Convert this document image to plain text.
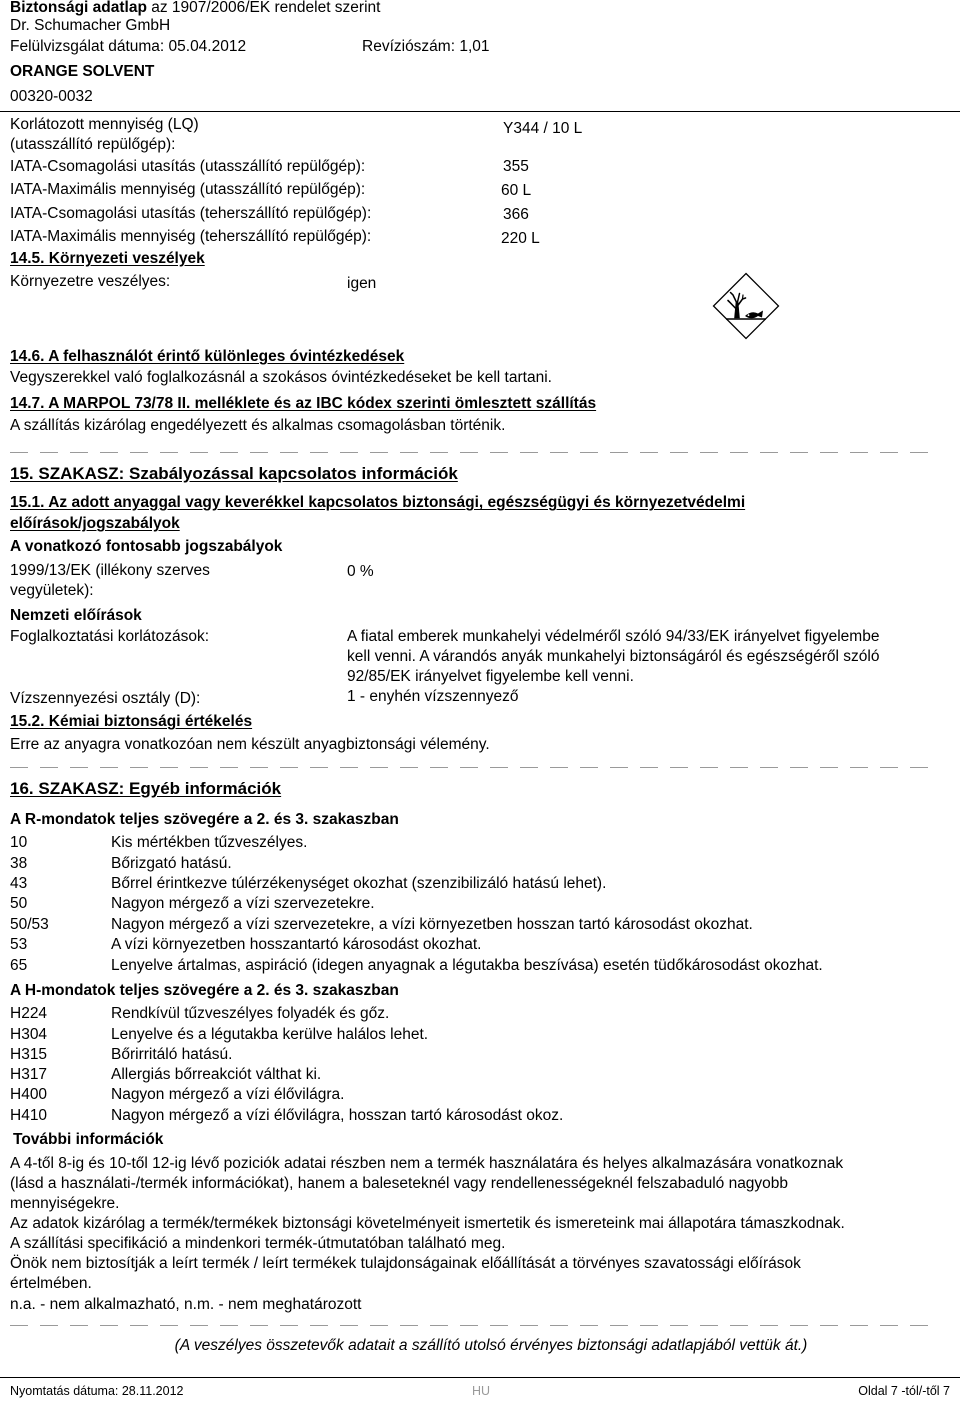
Biztonsági adatlap az 1907/2006/EK rendelet szerint
Dr. Schumacher GmbH
Felülvizsgálat dátuma: 05.04.2012	Revíziószám: 1,01
ORANGE SOLVENT
00320-0032
Korlátozott mennyiség (LQ)
(utasszállító repülőgép):
Y344 / 10 L
IATA-Csomagolási utasítás (utasszállító repülőgép):	355
IATA-Maximális mennyiség (utasszállító repülőgép):	60 L
IATA-Csomagolási utasítás (teherszállító repülőgép):	366
IATA-Maximális mennyiség (teherszállító repülőgép):	220 L
14.5. Környezeti veszélyek
Környezetre veszélyes:	igen
14.6. A felhasználót érintő különleges óvintézkedések
Vegyszerekkel való foglalkozásnál a szokásos óvintézkedéseket be kell tartani.
14.7. A MARPOL 73/78 II. melléklete és az IBC kódex szerinti ömlesztett szállítás
A szállítás kizárólag engedélyezett és alkalmas csomagolásban történik.
15. SZAKASZ: Szabályozással kapcsolatos információk
15.1. Az adott anyaggal vagy keverékkel kapcsolatos biztonsági, egészségügyi és környezetvédelmi
előírások/jogszabályok
A vonatkozó fontosabb jogszabályok
1999/13/EK (illékony szerves
vegyületek):
0 %
Nemzeti előírások
Foglalkoztatási korlátozások:	A fiatal emberek munkahelyi védelméről szóló 94/33/EK irányelvet figyelembe
kell venni. A várandós anyák munkahelyi biztonságáról és egészségéről szóló
92/85/EK irányelvet figyelembe kell venni.
Vízszennyezési osztály (D):	1 - enyhén vízszennyező
15.2. Kémiai biztonsági értékelés
Erre az anyagra vonatkozóan nem készült anyagbiztonsági vélemény.
16. SZAKASZ: Egyéb információk
A R-mondatok teljes szövegére a 2. és 3. szakaszban
10	Kis mértékben tűzveszélyes.
38	Bőrizgató hatású.
43	Bőrrel érintkezve túlérzékenységet okozhat (szenzibilizáló hatású lehet).
50	Nagyon mérgező a vízi szervezetekre.
50/53	Nagyon mérgező a vízi szervezetekre, a vízi környezetben hosszan tartó károsodást okozhat.
53	A vízi környezetben hosszantartó károsodást okozhat.
65	Lenyelve ártalmas, aspiráció (idegen anyagnak a légutakba beszívása) esetén tüdőkárosodást okozhat.
A H-mondatok teljes szövegére a 2. és 3. szakaszban
H224	Rendkívül tűzveszélyes folyadék és gőz.
H304	Lenyelve és a légutakba kerülve halálos lehet.
H315	Bőrirritáló hatású.
H317	Allergiás bőrreakciót válthat ki.
H400	Nagyon mérgező a vízi élővilágra.
H410	Nagyon mérgező a vízi élővilágra, hosszan tartó károsodást okoz.
További információk
A 4-től 8-ig és 10-től 12-ig lévő poziciók adatai részben nem a termék használatára és helyes alkalmazására vonatkoznak
(lásd a használati-/termék információkat), hanem a baleseteknél vagy rendellenességeknél felszabaduló nagyobb
mennyiségekre.
Az adatok kizárólag a termék/termékek biztonsági követelményeit ismertetik és ismereteink mai állapotára támaszkodnak.
A szállítási specifikáció a mindenkori termék-útmutatóban található meg.
Önök nem biztosítják a leírt termék / leírt termékek tulajdonságainak előállítását a törvényes szavatossági előírások
értelmében.
n.a. - nem alkalmazható, n.m. - nem meghatározott
(A veszélyes összetevők adatait a szállító utolsó érvényes biztonsági adatlapjából vettük át.)
Nyomtatás dátuma: 28.11.2012	HU	Oldal 7 -tól/-től 7
